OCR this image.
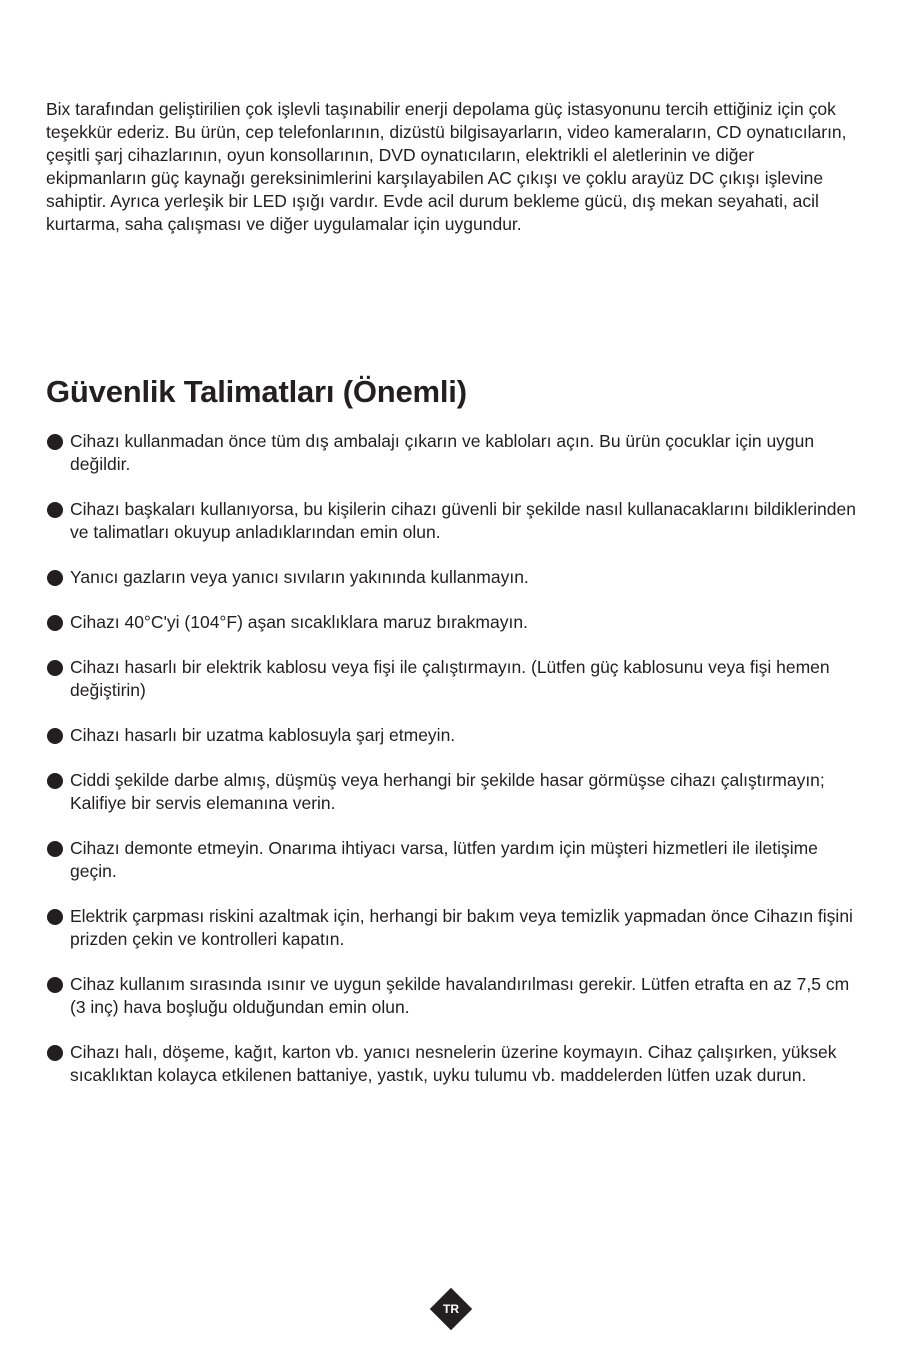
Bix tarafından geliştirilien çok işlevli taşınabilir enerji depolama güç istasyonunu tercih ettiğiniz için çok teşekkür ederiz. Bu ürün, cep telefonlarının, dizüstü bilgisayarların, video kameraların, CD oynatıcıların, çeşitli şarj cihazlarının, oyun konsollarının, DVD oynatıcıların, elektrikli el aletlerinin ve diğer ekipmanların güç kaynağı gereksinimlerini karşılayabilen AC çıkışı ve çoklu arayüz DC çıkışı işlevine sahiptir. Ayrıca yerleşik bir LED ışığı vardır. Evde acil durum bekleme gücü, dış mekan seyahati, acil kurtarma, saha çalışması ve diğer uygulamalar için uygundur.

Güvenlik Talimatları (Önemli)
Cihazı kullanmadan önce tüm dış ambalajı çıkarın ve kabloları açın. Bu ürün çocuklar için uygun değildir.
Cihazı başkaları kullanıyorsa, bu kişilerin cihazı güvenli bir şekilde nasıl kullanacaklarını bildiklerinden ve talimatları okuyup anladıklarından emin olun.
Yanıcı gazların veya yanıcı sıvıların yakınında kullanmayın.
Cihazı 40°C'yi (104°F) aşan sıcaklıklara maruz bırakmayın.
Cihazı hasarlı bir elektrik kablosu veya fişi ile çalıştırmayın. (Lütfen güç kablosunu veya fişi hemen değiştirin)
Cihazı hasarlı bir uzatma kablosuyla şarj etmeyin.
Ciddi şekilde darbe almış, düşmüş veya herhangi bir şekilde hasar görmüşse cihazı çalıştırmayın; Kalifiye bir servis elemanına verin.
Cihazı demonte etmeyin. Onarıma ihtiyacı varsa, lütfen yardım için müşteri hizmetleri ile iletişime geçin.
Elektrik çarpması riskini azaltmak için, herhangi bir bakım veya temizlik yapmadan önce Cihazın fişini prizden çekin ve kontrolleri kapatın.
Cihaz kullanım sırasında ısınır ve uygun şekilde havalandırılması gerekir. Lütfen etrafta en az 7,5 cm (3 inç) hava boşluğu olduğundan emin olun.
Cihazı halı, döşeme, kağıt, karton vb. yanıcı nesnelerin üzerine koymayın. Cihaz çalışırken, yüksek sıcaklıktan kolayca etkilenen battaniye, yastık, uyku tulumu vb. maddelerden lütfen uzak durun.
TR
